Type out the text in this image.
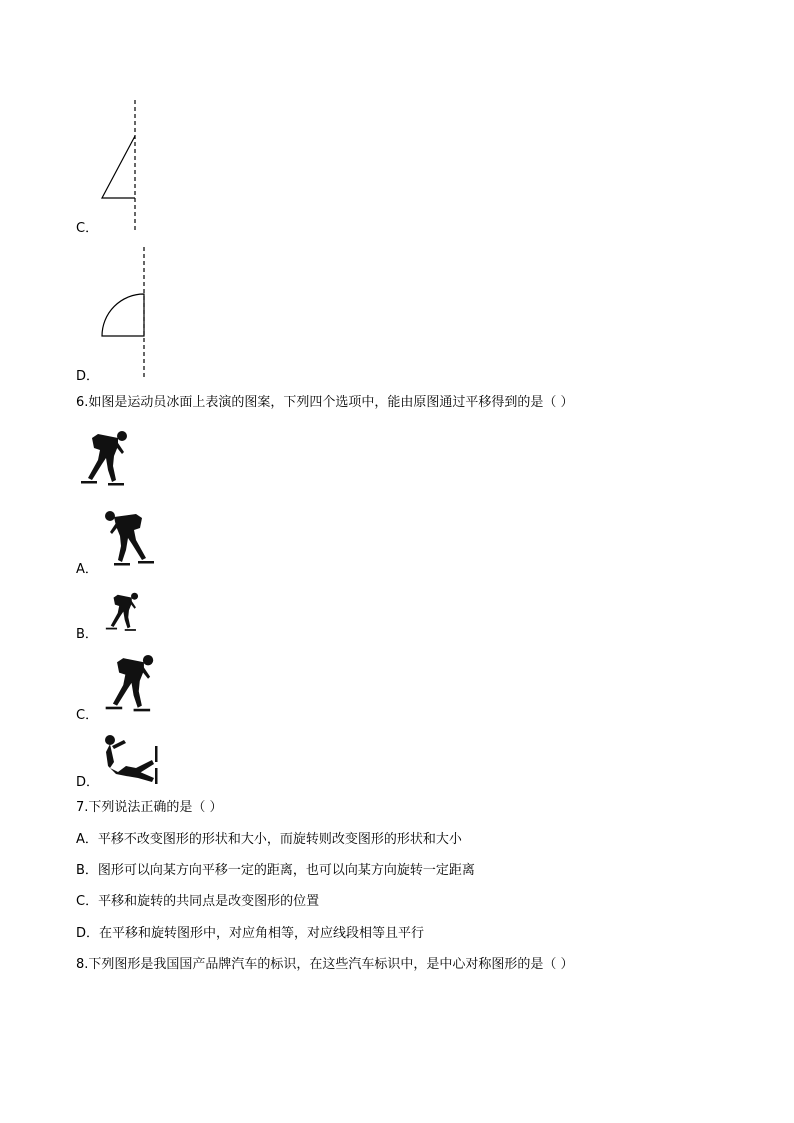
C．
D．
6.如图是运动员冰面上表演的图案，下列四个选项中，能由原图通过平移得到的是（ ）
A．
B．
C．
D．
7.下列说法正确的是（ ）
A．平移不改变图形的形状和大小，而旋转则改变图形的形状和大小
B．图形可以向某方向平移一定的距离，也可以向某方向旋转一定距离
C．平移和旋转的共同点是改变图形的位置
D．在平移和旋转图形中，对应角相等，对应线段相等且平行
8.下列图形是我国国产品牌汽车的标识，在这些汽车标识中，是中心对称图形的是（ ）
